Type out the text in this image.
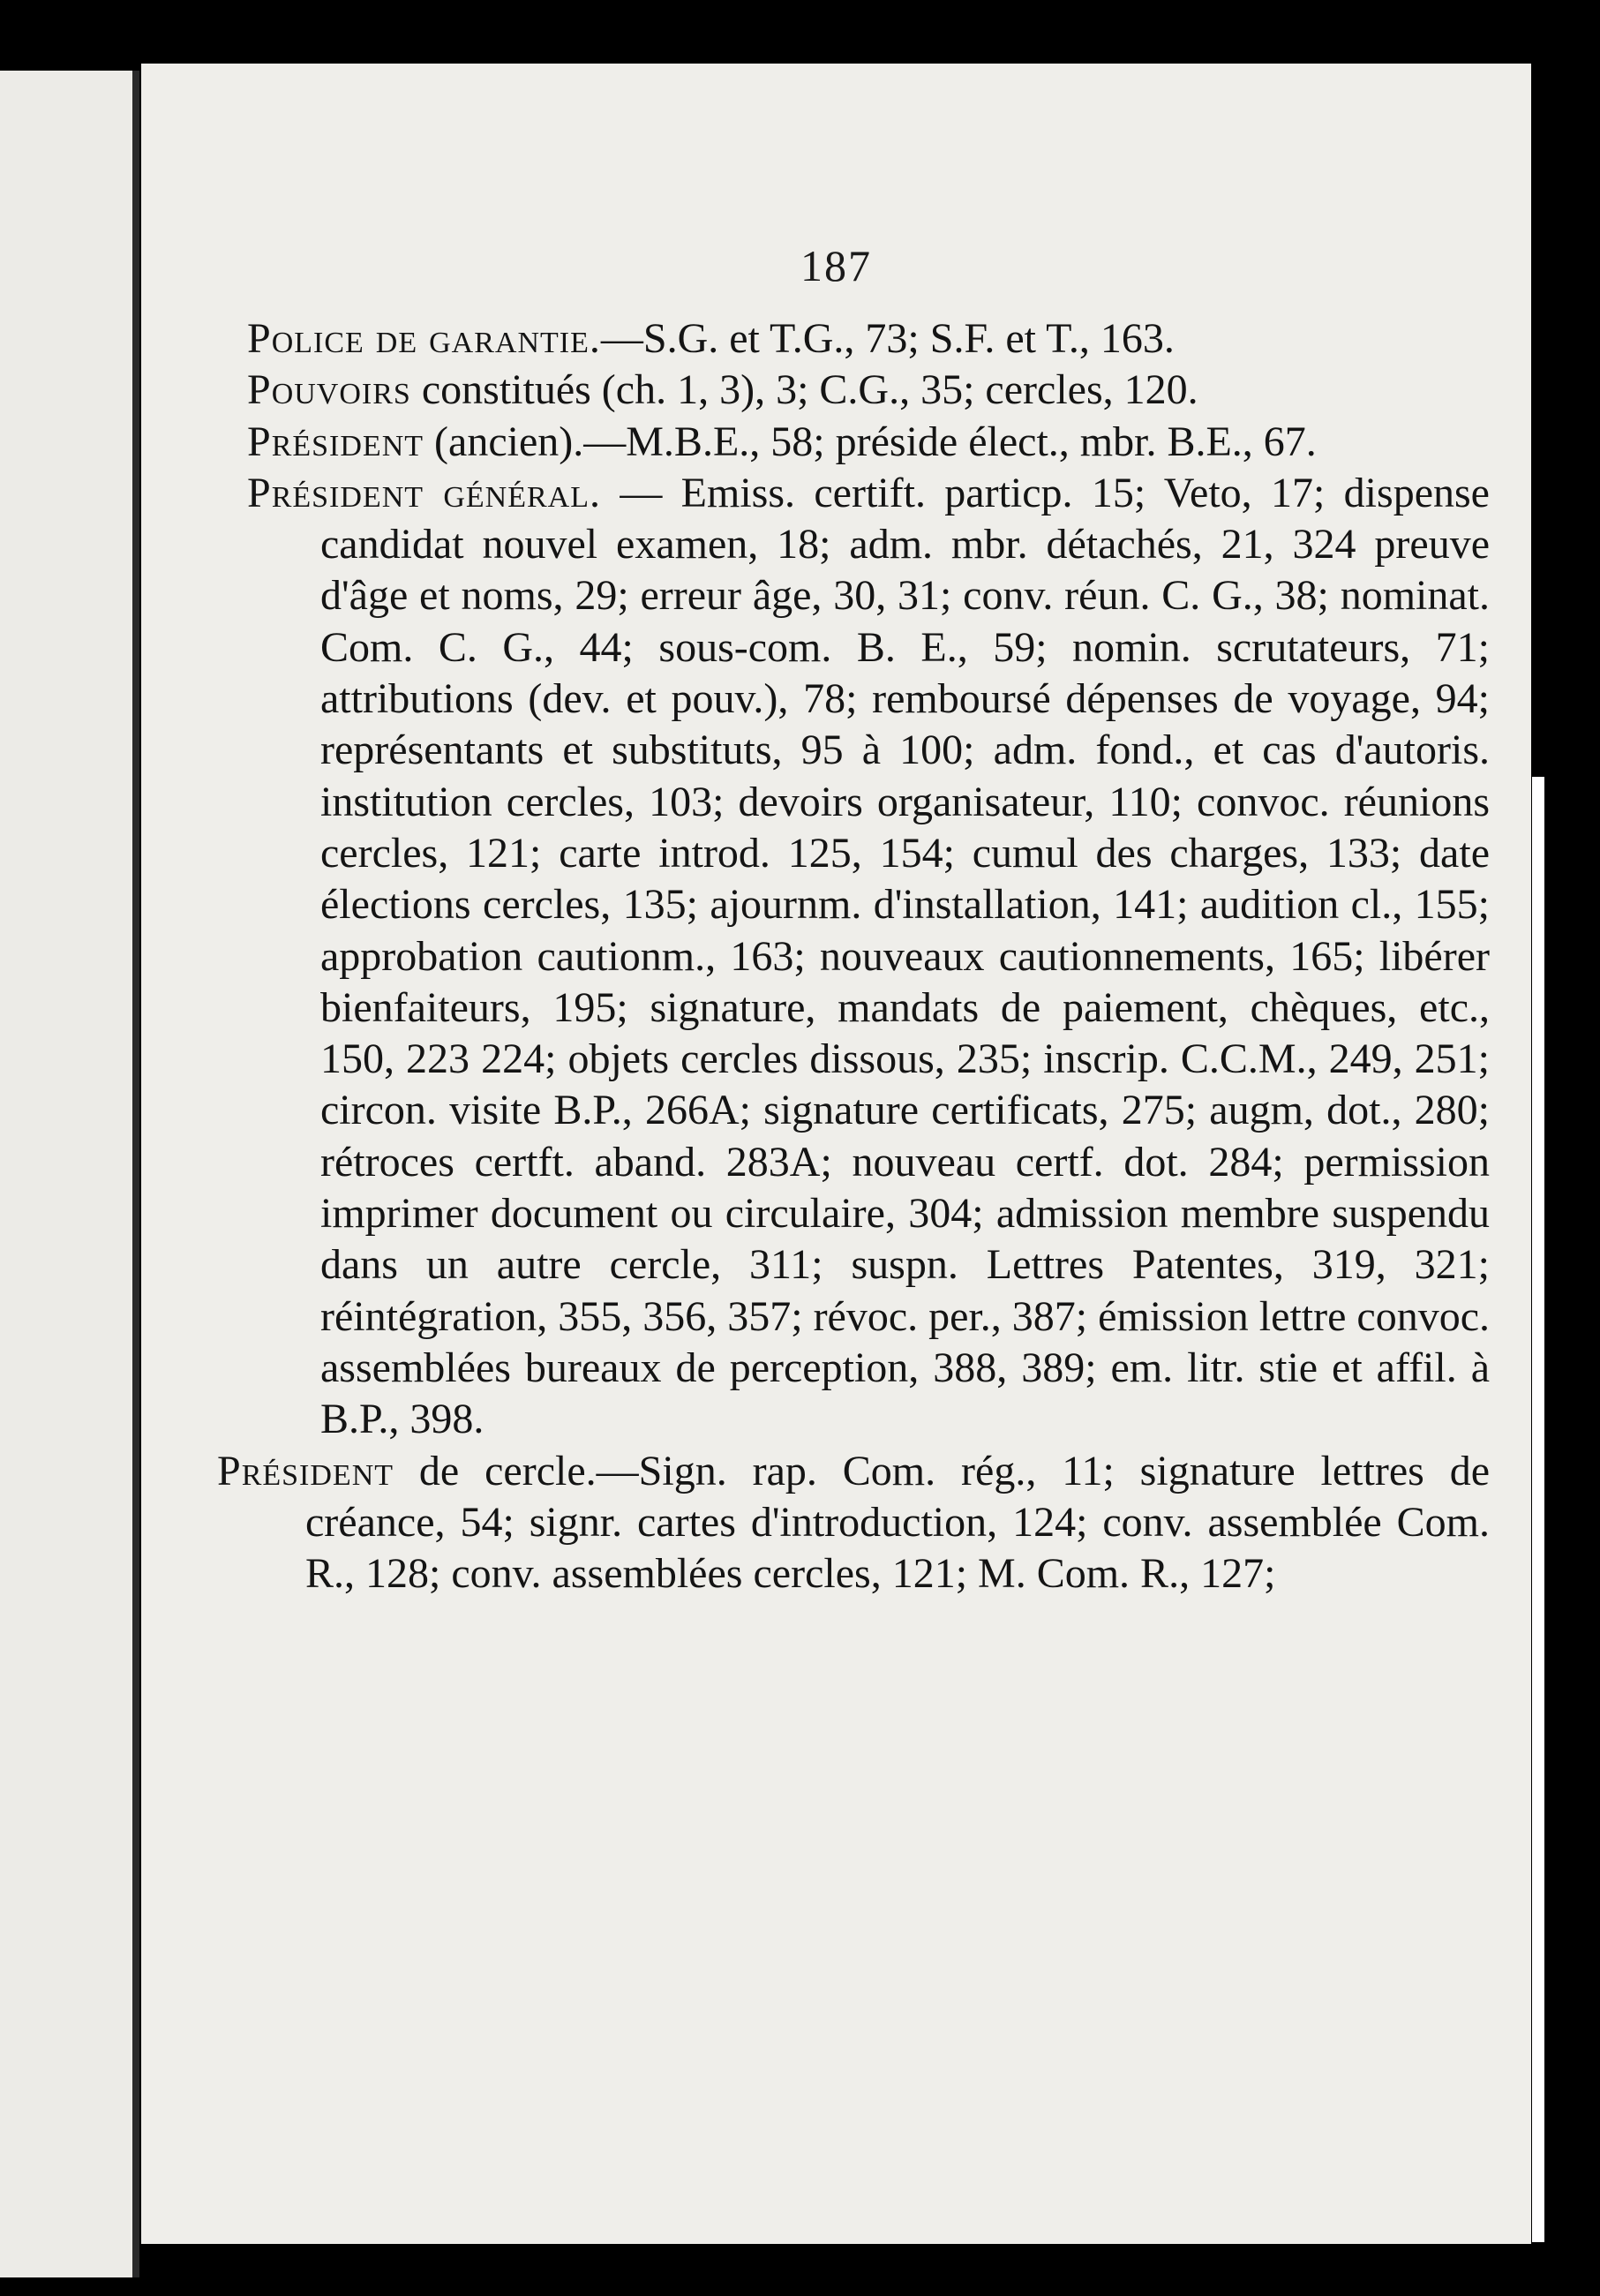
187

Police de garantie.—S.G. et T.G., 73; S.F. et T., 163.

Pouvoirs constitués (ch. 1, 3), 3; C.G., 35; cercles, 120.

Président (ancien).—M.B.E., 58; préside élect., mbr. B.E., 67.

Président général. — Emiss. certift. particp. 15; Veto, 17; dispense candidat nouvel examen, 18; adm. mbr. détachés, 21, 324 preuve d'âge et noms, 29; erreur âge, 30, 31; conv. réun. C. G., 38; nominat. Com. C. G., 44; sous-com. B. E., 59; nomin. scrutateurs, 71; attributions (dev. et pouv.), 78; remboursé dépenses de voyage, 94; représentants et substituts, 95 à 100; adm. fond., et cas d'autoris. institution cercles, 103; devoirs organisateur, 110; convoc. réunions cercles, 121; carte introd. 125, 154; cumul des charges, 133; date élections cercles, 135; ajournm. d'installation, 141; audition cl., 155; approbation cautionm., 163; nouveaux cautionnements, 165; libérer bienfaiteurs, 195; signature, mandats de paiement, chèques, etc., 150, 223 224; objets cercles dissous, 235; inscrip. C.C.M., 249, 251; circon. visite B.P., 266A; signature certificats, 275; augm, dot., 280; rétroces certft. aband. 283A; nouveau certf. dot. 284; permission imprimer document ou circulaire, 304; admission membre suspendu dans un autre cercle, 311; suspn. Lettres Patentes, 319, 321; réintégration, 355, 356, 357; révoc. per., 387; émission lettre convoc. assemblées bureaux de perception, 388, 389; em. litr. stie et affil. à B.P., 398.

Président de cercle.—Sign. rap. Com. rég., 11; signature lettres de créance, 54; signr. cartes d'introduction, 124; conv. assemblée Com. R., 128; conv. assemblées cercles, 121; M. Com. R., 127;
